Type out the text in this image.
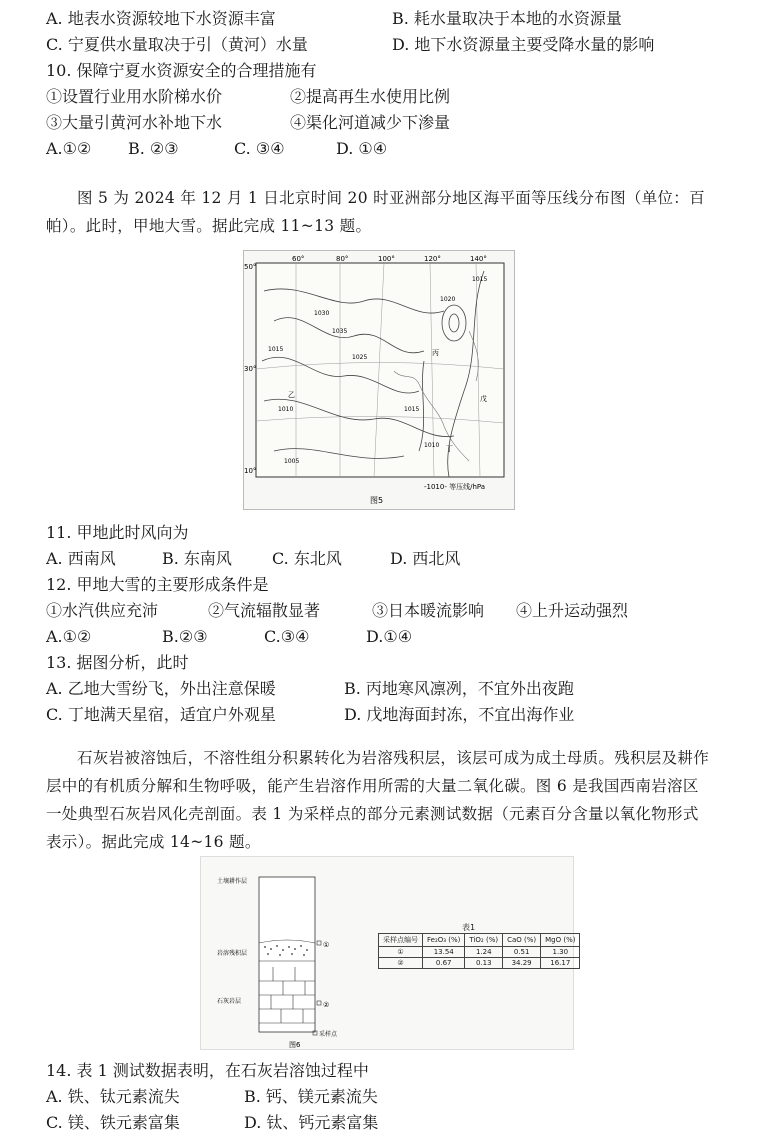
A. 地表水资源较地下水资源丰富	B. 耗水量取决于本地的水资源量
C. 宁夏供水量取决于引（黄河）水量	D. 地下水资源量主要受降水量的影响
10. 保障宁夏水资源安全的合理措施有
①设置行业用水阶梯水价	②提高再生水使用比例
③大量引黄河水补地下水	④渠化河道减少下渗量
A.①② B. ②③	C. ③④	D. ①④
图 5 为 2024 年 12 月 1 日北京时间 20 时亚洲部分地区海平面等压线分布图（单位：百帕）。此时，甲地大雪。据此完成 11~13 题。
60°	80°	100°	120°	140°
50°
30°
10°
1030
1035
1025
1015
1010
1005
1015
1010
1020
1015
乙
丙
丁
戊
-1010- 等压线/hPa
图5
11. 甲地此时风向为
A. 西南风	B. 东南风	C. 东北风	D. 西北风
12. 甲地大雪的主要形成条件是
①水汽供应充沛	②气流辐散显著	③日本暖流影响 ④上升运动强烈
A.①②	B.②③	C.③④	D.①④
13. 据图分析，此时
A. 乙地大雪纷飞，外出注意保暖	B. 丙地寒风凛冽，不宜外出夜跑
C. 丁地满天星宿，适宜户外观星	D. 戊地海面封冻，不宜出海作业
石灰岩被溶蚀后，不溶性组分积累转化为岩溶残积层，该层可成为成土母质。残积层及耕作层中的有机质分解和生物呼吸，能产生岩溶作用所需的大量二氧化碳。图 6 是我国西南岩溶区一处典型石灰岩风化壳剖面。表 1 为采样点的部分元素测试数据（元素百分含量以氧化物形式表示）。据此完成 14~16 题。
①
②
土壤耕作层
岩溶残积层
石灰岩层
采样点
图6
表1
采样点编号	Fe₂O₃ (%)	TiO₂ (%)	CaO (%)	MgO (%)
①	13.54	1.24	0.51	1.30
②	0.67	0.13	34.29	16.17
14. 表 1 测试数据表明，在石灰岩溶蚀过程中
A. 铁、钛元素流失	B. 钙、镁元素流失
C. 镁、铁元素富集	D. 钛、钙元素富集
